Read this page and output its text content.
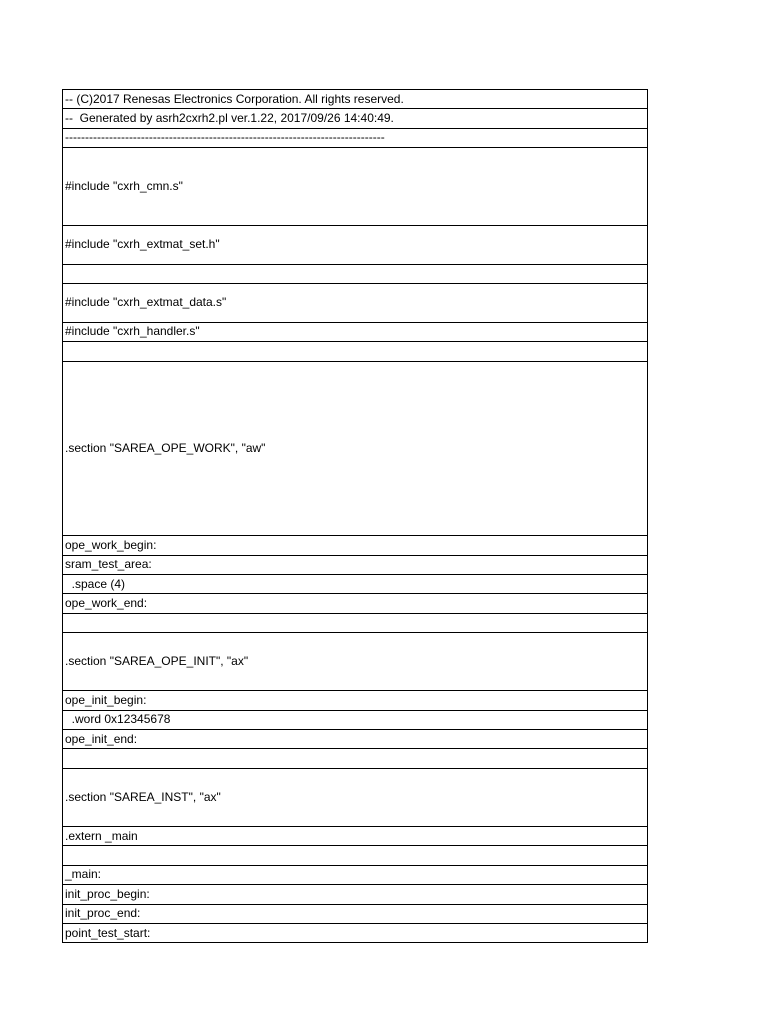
-- (C)2017 Renesas Electronics Corporation. All rights reserved.
--  Generated by asrh2cxrh2.pl ver.1.22, 2017/09/26 14:40:49.
--------------------------------------------------------------------------------
#include "cxrh_cmn.s"
#include "cxrh_extmat_set.h"

#include "cxrh_extmat_data.s"
#include "cxrh_handler.s"

.section "SAREA_OPE_WORK", "aw"
ope_work_begin:
sram_test_area:
.space (4)
ope_work_end:

.section "SAREA_OPE_INIT", "ax"
ope_init_begin:
.word 0x12345678
ope_init_end:

.section "SAREA_INST", "ax"
.extern _main

_main:
init_proc_begin:
init_proc_end:
point_test_start:
